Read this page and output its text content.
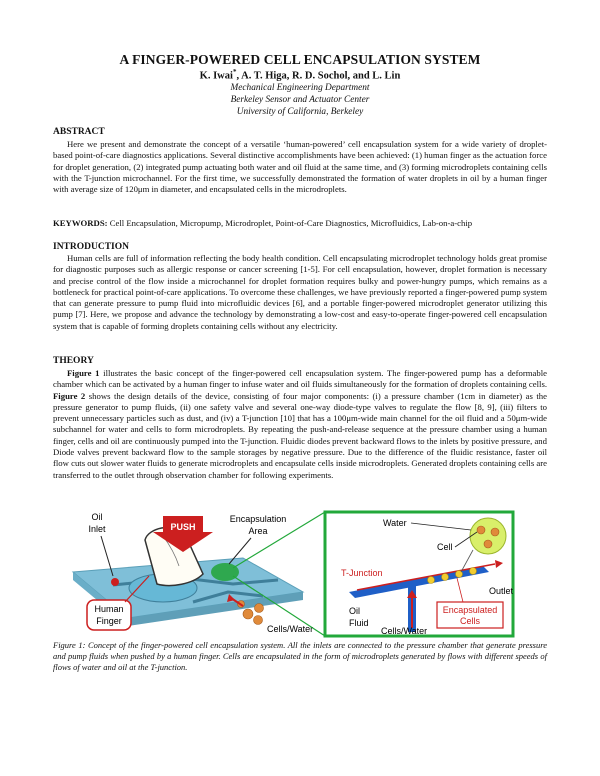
A FINGER-POWERED CELL ENCAPSULATION SYSTEM
K. Iwai*, A. T. Higa, R. D. Sochol, and L. Lin
Mechanical Engineering Department
Berkeley Sensor and Actuator Center
University of California, Berkeley
ABSTRACT
Here we present and demonstrate the concept of a versatile ‘human-powered’ cell encapsulation system for a wide variety of droplet-based point-of-care diagnostics applications. Several distinctive accomplishments have been achieved: (1) human finger as the actuation force for droplet generation, (2) integrated pump actuating both water and oil fluid at the same time, and (3) forming microdroplets containing cells with the T-junction microchannel. For the first time, we successfully demonstrated the formation of water droplets in oil by a human finger with average size of 120μm in diameter, and encapsulated cells in the microdroplets.
KEYWORDS: Cell Encapsulation, Micropump, Microdroplet, Point-of-Care Diagnostics, Microfluidics, Lab-on-a-chip
INTRODUCTION
Human cells are full of information reflecting the body health condition. Cell encapsulating microdroplet technology holds great promise for diagnostic purposes such as allergic response or cancer screening [1-5]. For cell encapsulation, however, droplet formation is necessary and precise control of the flow inside a microchannel for droplet formation requires bulky and power-hungry pumps, which remains as a bottleneck for practical point-of-care applications. To overcome these challenges, we have previously reported a finger-powered pump system that can generate pressure to pump fluid into microfluidic devices [6], and a portable finger-powered microdroplet generator utilizing this pump [7]. Here, we propose and advance the technology by demonstrating a low-cost and easy-to-operate finger-powered cell encapsulation system that is capable of forming droplets containing cells without any electricity.
THEORY
Figure 1 illustrates the basic concept of the finger-powered cell encapsulation system. The finger-powered pump has a deformable chamber which can be activated by a human finger to infuse water and oil fluids simultaneously for the formation of droplets containing cells. Figure 2 shows the design details of the device, consisting of four major components: (i) a pressure chamber (1cm in diameter) as the pressure generator to pump fluids, (ii) one safety valve and several one-way diode-type valves to regulate the flow [8, 9], (iii) filters to prevent unnecessary particles such as dust, and (iv) a T-junction [10] that has a 100μm-wide main channel for the oil fluid and a 50μm-wide subchannel for water and cells to form microdroplets. By repeating the push-and-release sequence at the pressure chamber using a human finger, cells and oil are continuously pumped into the T-junction. Fluidic diodes prevent backward flows to the inlets by positive pressure, and Diode valves prevent backward flow to the sample storages by negative pressure. Due to the difference of the fluidic resistance, faster oil flow cuts out slower water fluids to generate microdroplets and encapsulate cells inside microdroplets. Generated droplets containing cells are transferred to the outlet through observation chamber for following experiments.
PUSH
Oil
Inlet
Encapsulation
Area
Human
Finger
Cells/Water
Water
Cell
T-Junction
Outlet
Oil
Fluid
Encapsulated
Cells
Cells/Water
Figure 1: Concept of the finger-powered cell encapsulation system. All the inlets are connected to the pressure chamber that generate pressure and pump fluids when pushed by a human finger. Cells are encapsulated in the form of microdroplets generated by flows with different speeds of flows of water and oil at the T-junction.
